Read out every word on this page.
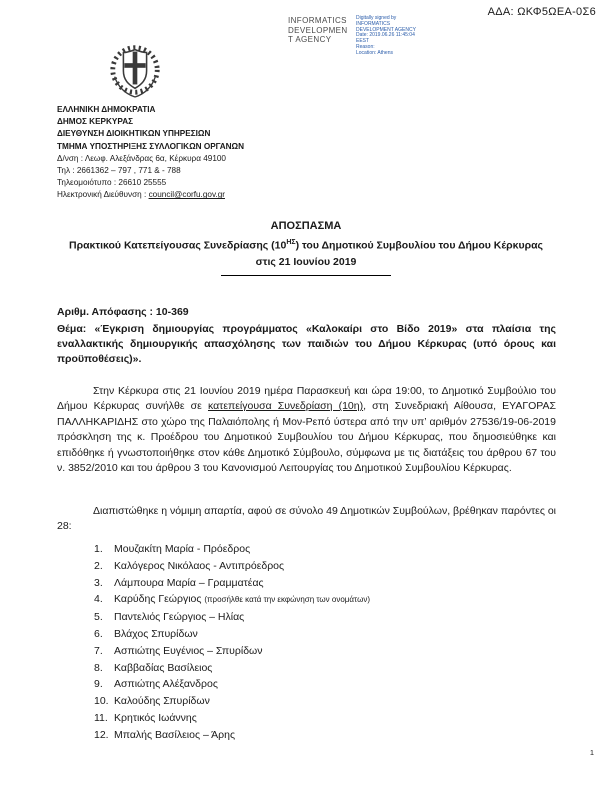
ΑΔΑ: ΩΚΦ5ΩΕΑ-0Σ6
INFORMATICS
DEVELOPMEN
T AGENCY
Digitally signed by
INFORMATICS
DEVELOPMENT AGENCY
Date: 2019.06.26 11:45:04
EEST
Reason:
Location: Athens
ΕΛΛΗΝΙΚΗ ΔΗΜΟΚΡΑΤΙΑ
ΔΗΜΟΣ ΚΕΡΚΥΡΑΣ
ΔΙΕΥΘΥΝΣΗ ΔΙΟΙΚΗΤΙΚΩΝ ΥΠΗΡΕΣΙΩΝ
ΤΜΗΜΑ ΥΠΟΣΤΗΡΙΞΗΣ ΣΥΛΛΟΓΙΚΩΝ ΟΡΓΑΝΩΝ
Δ/νση : Λεωφ. Αλεξάνδρας 6α, Κέρκυρα 49100
Τηλ : 2661362 – 797 , 771 & - 788
Τηλεομοιότυπο : 26610 25555
Ηλεκτρονική Διεύθυνση : council@corfu.gov.gr
ΑΠΟΣΠΑΣΜΑ
Πρακτικού Κατεπείγουσας Συνεδρίασης $(10^{H\Sigma})$ του Δημοτικού Συμβουλίου του Δήμου Κέρκυρας
στις 21 Ιουνίου 2019
Αριθμ. Απόφασης : 10-369

Θέμα: «Έγκριση δημιουργίας προγράμματος «Καλοκαίρι στο Βίδο 2019» στα πλαίσια της εναλλακτικής δημιουργικής απασχόλησης των παιδιών του Δήμου Κέρκυρας (υπό όρους και προϋποθέσεις)».

Στην Κέρκυρα στις 21 Ιουνίου 2019 ημέρα Παρασκευή και ώρα 19:00, το Δημοτικό Συμβούλιο του Δήμου Κέρκυρας συνήλθε σε κατεπείγουσα Συνεδρίαση (10η), στη Συνεδριακή Αίθουσα, ΕΥΑΓΟΡΑΣ ΠΑΛΛΗΚΑΡΙΔΗΣ στο χώρο της Παλαιόπολης ή Μον-Ρεπό ύστερα από την υπ’ αριθμόν 27536/19-06-2019 πρόσκληση της κ. Προέδρου του Δημοτικού Συμβουλίου του Δήμου Κέρκυρας, που δημοσιεύθηκε και επιδόθηκε ή γνωστοποιήθηκε στον κάθε Δημοτικό Σύμβουλο, σύμφωνα με τις διατάξεις του άρθρου 67 του ν. 3852/2010 και του άρθρου 3 του Κανονισμού Λειτουργίας του Δημοτικού Συμβουλίου Κέρκυρας.

Διαπιστώθηκε η νόμιμη απαρτία, αφού σε σύνολο 49 Δημοτικών Συμβούλων, βρέθηκαν παρόντες οι 28:

1. Μουζακίτη Μαρία - Πρόεδρος
2. Καλόγερος Νικόλαος - Αντιπρόεδρος
3. Λάμπουρα Μαρία – Γραμματέας
4. Καρύδης Γεώργιος (προσήλθε κατά την εκφώνηση των ονομάτων)
5. Παντελιός Γεώργιος – Ηλίας
6. Βλάχος Σπυρίδων
7. Ασπιώτης Ευγένιος – Σπυρίδων
8. Καββαδίας Βασίλειος
9. Ασπιώτης Αλέξανδρος
10. Καλούδης Σπυρίδων
11. Κρητικός Ιωάννης
12. Μπαλής Βασίλειος – Άρης
1
